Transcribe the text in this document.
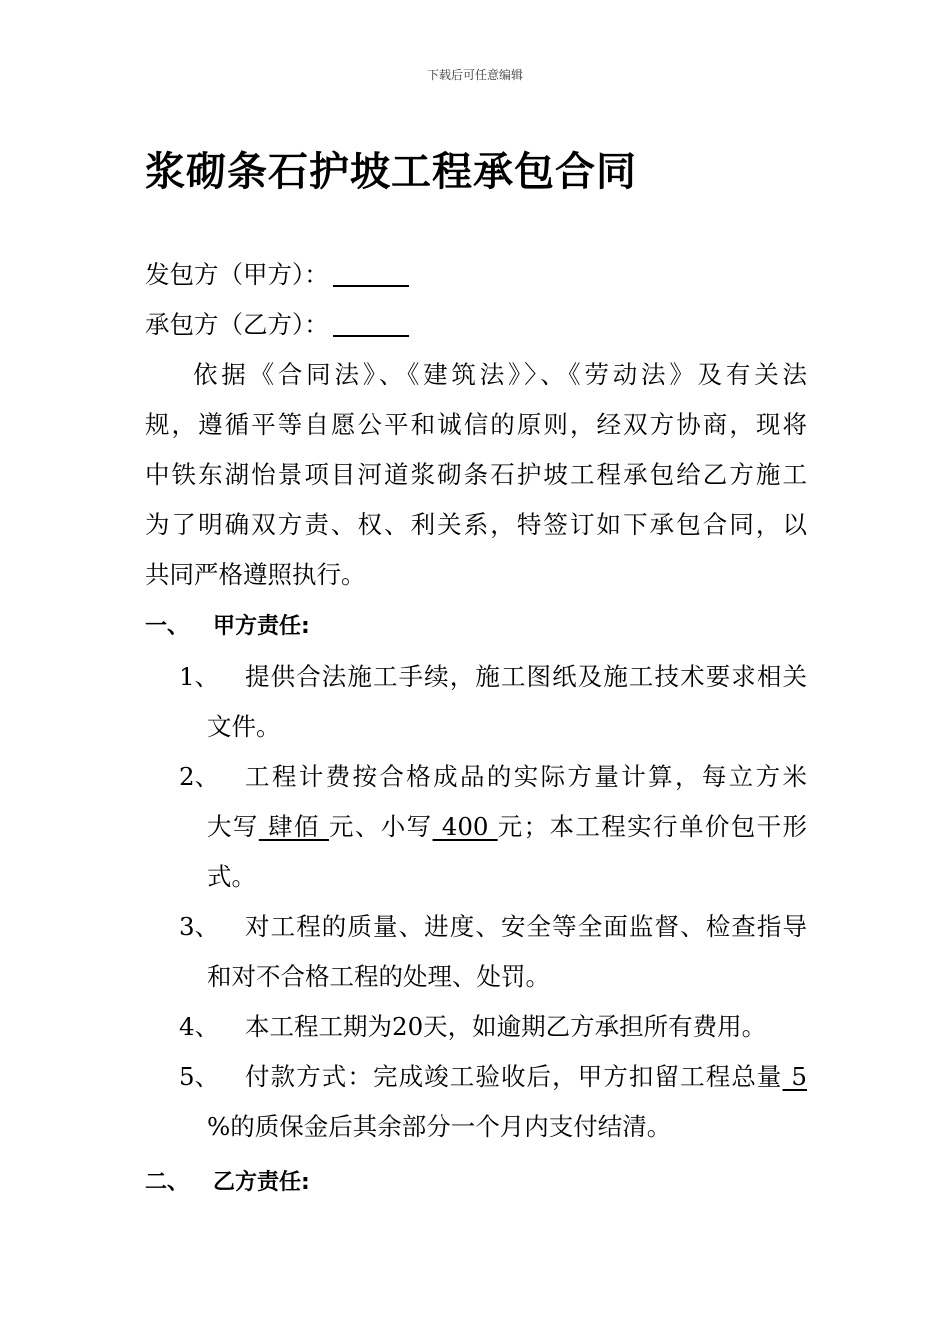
下载后可任意编辑
浆砌条石护坡工程承包合同
发包方（甲方）：
承包方（乙方）：
依据《合同法》、《建筑法》〉、《劳动法》及有关法
规，遵循平等自愿公平和诚信的原则，经双方协商，现将
中铁东湖怡景项目河道浆砌条石护坡工程承包给乙方施工
为了明确双方责、权、利关系，特签订如下承包合同，以
共同严格遵照执行。
一、 甲方责任:
1、	提供合法施工手续，施工图纸及施工技术要求相关
文件。
2、	工程计费按合格成品的实际方量计算，每立方米
大写 肆佰 元、小写 400 元；本工程实行单价包干形
式。
3、	对工程的质量、进度、安全等全面监督、检查指导
和对不合格工程的处理、处罚。
4、	本工程工期为20天，如逾期乙方承担所有费用。
5、	付款方式：完成竣工验收后，甲方扣留工程总量 5
%的质保金后其余部分一个月内支付结清。
二、 乙方责任:
